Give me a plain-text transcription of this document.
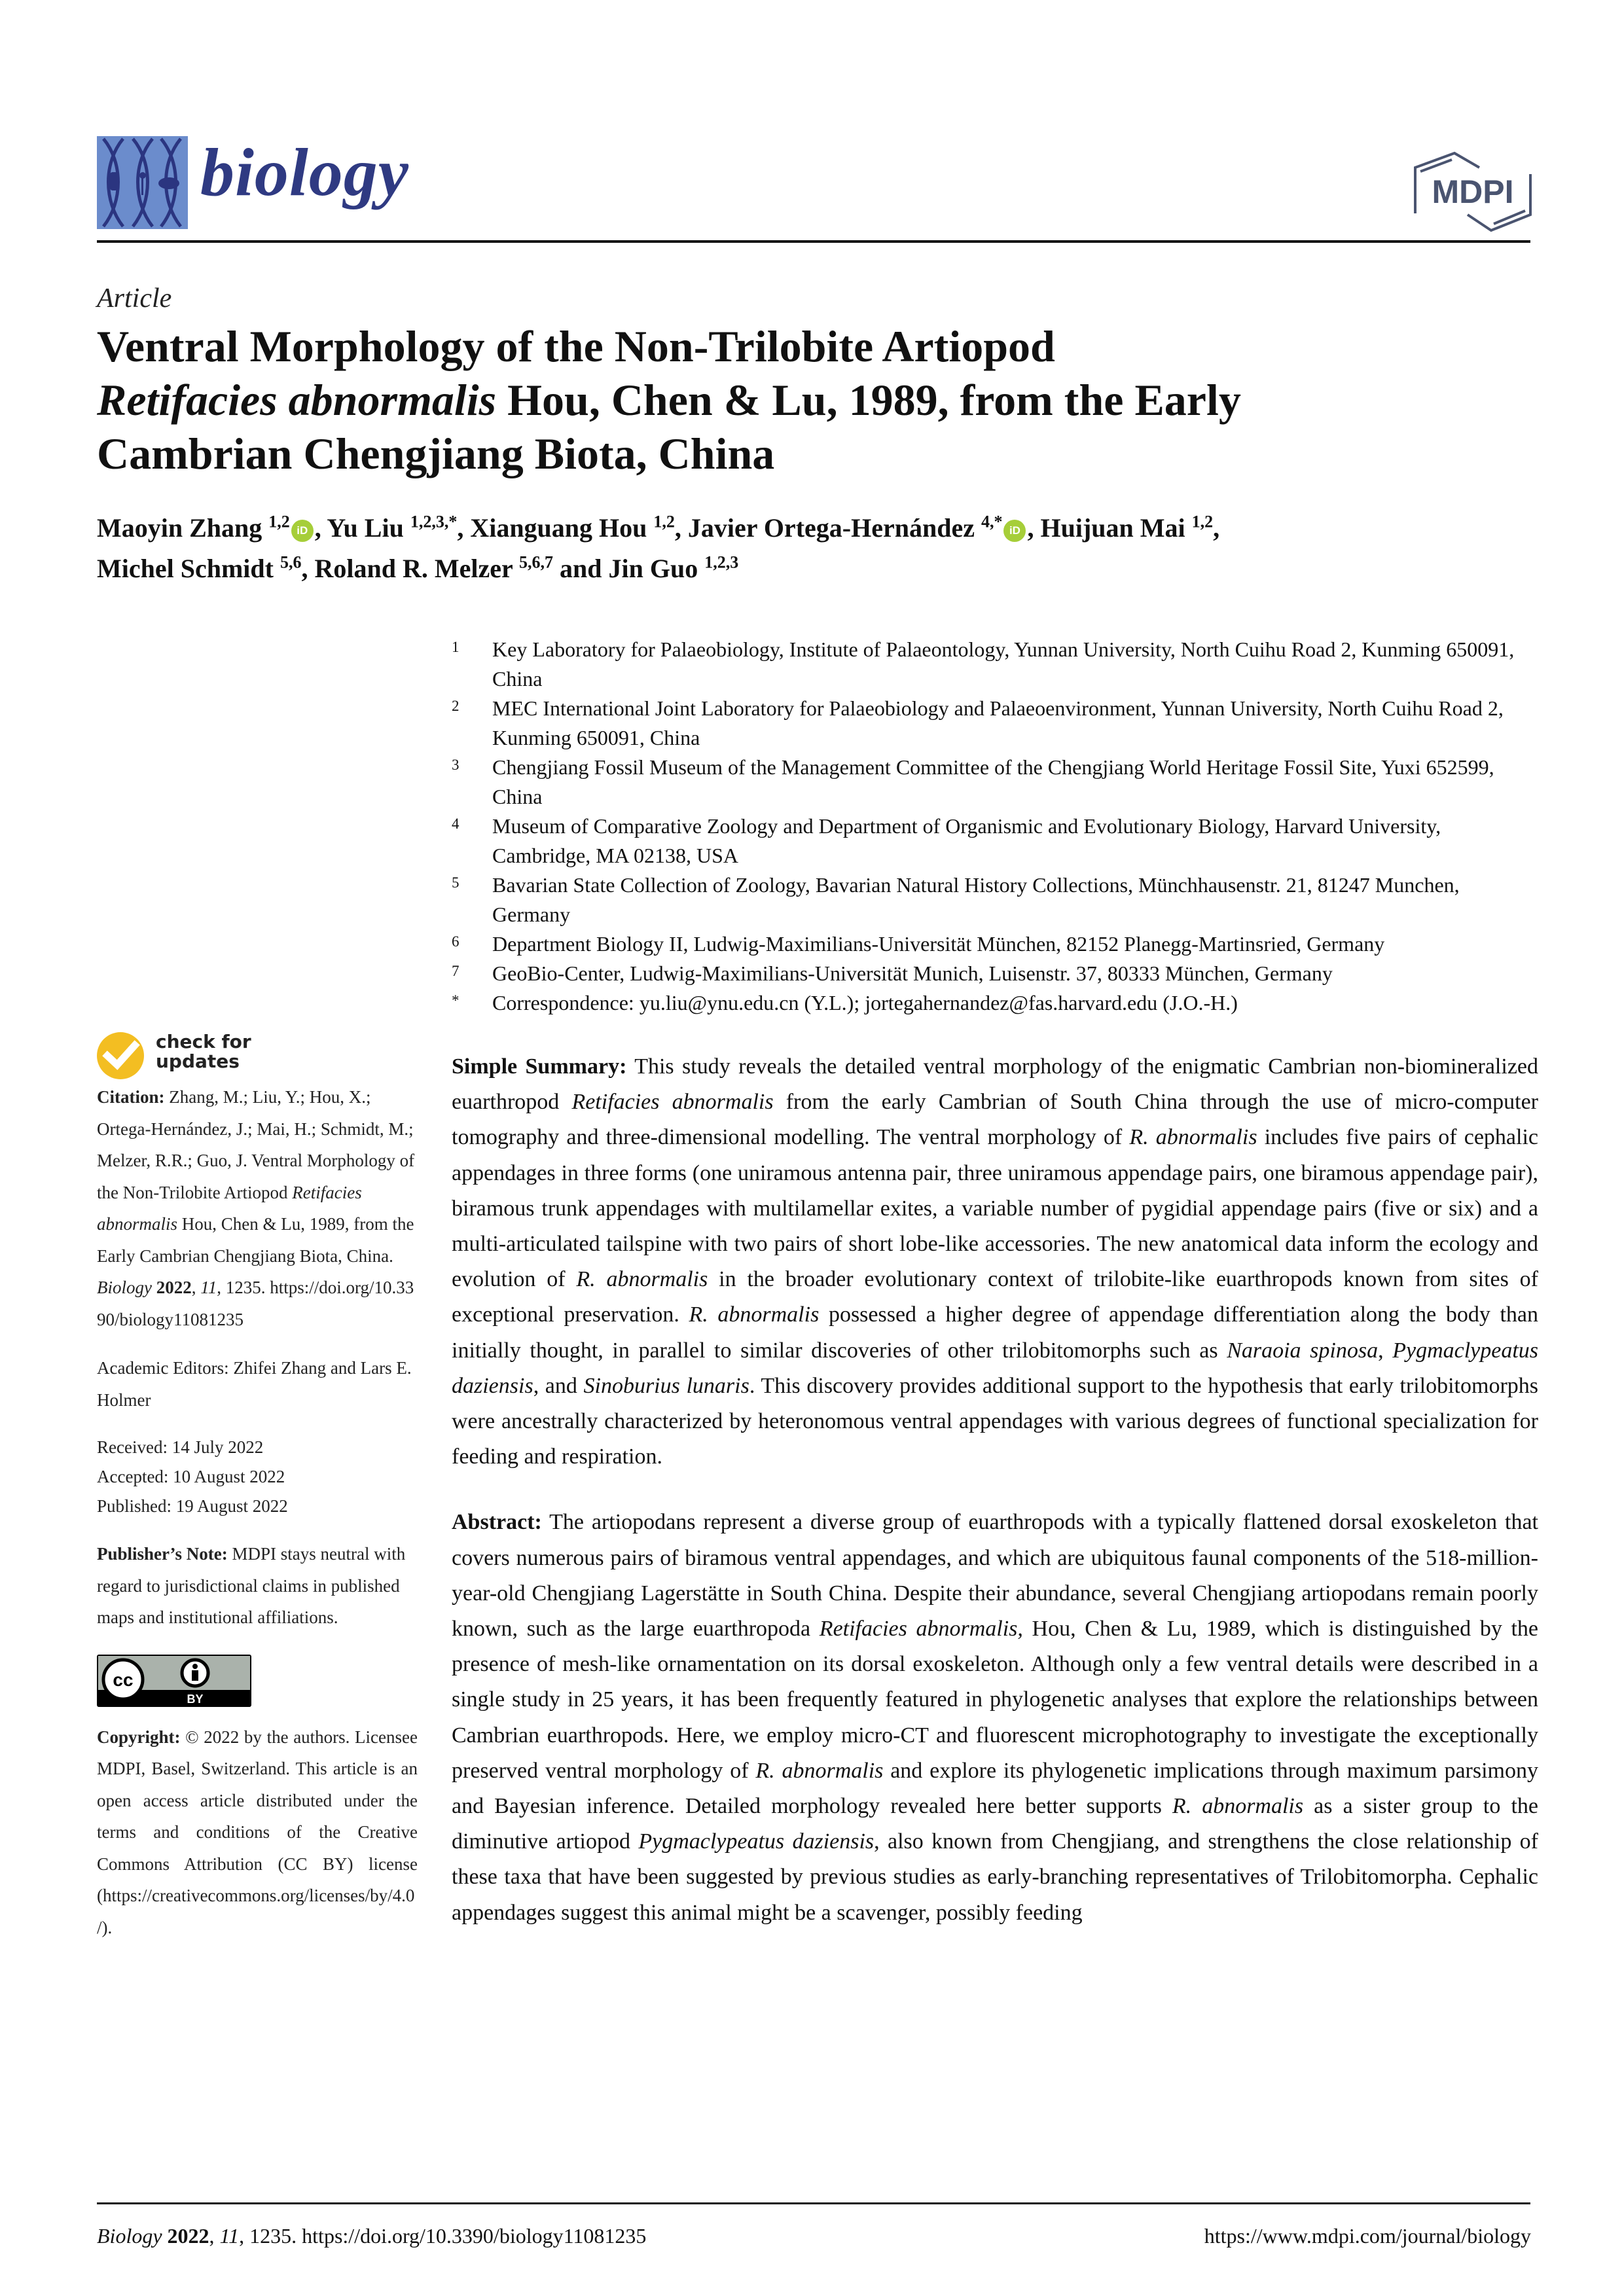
biology	MDPI
Article
Ventral Morphology of the Non-Trilobite Artiopod
Retifacies abnormalis Hou, Chen & Lu, 1989, from the Early
Cambrian Chengjiang Biota, China
Maoyin Zhang $^{1,2}$ iD , Yu Liu $^{1,2,3,*}$, Xianguang Hou $^{1,2}$, Javier Ortega-Hernández $^{4,*}$ iD , Huijuan Mai $^{1,2}$,
Michel Schmidt $^{5,6}$, Roland R. Melzer $^{5,6,7}$ and Jin Guo $^{1,2,3}$
1 Key Laboratory for Palaeobiology, Institute of Palaeontology, Yunnan University, North Cuihu Road 2, Kunming 650091, China
2 MEC International Joint Laboratory for Palaeobiology and Palaeoenvironment, Yunnan University, North Cuihu Road 2, Kunming 650091, China
3 Chengjiang Fossil Museum of the Management Committee of the Chengjiang World Heritage Fossil Site, Yuxi 652599, China
4 Museum of Comparative Zoology and Department of Organismic and Evolutionary Biology, Harvard University, Cambridge, MA 02138, USA
5 Bavarian State Collection of Zoology, Bavarian Natural History Collections, Münchhausenstr. 21, 81247 Munchen, Germany
6 Department Biology II, Ludwig-Maximilians-Universität München, 82152 Planegg-Martinsried, Germany
7 GeoBio-Center, Ludwig-Maximilians-Universität Munich, Luisenstr. 37, 80333 München, Germany
* Correspondence: yu.liu@ynu.edu.cn (Y.L.); jortegahernandez@fas.harvard.edu (J.O.-H.)
check for
updates

Citation: Zhang, M.; Liu, Y.; Hou, X.; Ortega-Hernández, J.; Mai, H.; Schmidt, M.; Melzer, R.R.; Guo, J. Ventral Morphology of the Non-Trilobite Artiopod Retifacies abnormalis Hou, Chen & Lu, 1989, from the Early Cambrian Chengjiang Biota, China. Biology 2022, 11, 1235. https://doi.org/10.3390/biology11081235

Academic Editors: Zhifei Zhang and Lars E. Holmer

Received: 14 July 2022

Accepted: 10 August 2022

Published: 19 August 2022

Publisher’s Note: MDPI stays neutral with regard to jurisdictional claims in published maps and institutional affiliations.

cc
BY

Copyright: © 2022 by the authors. Licensee MDPI, Basel, Switzerland. This article is an open access article distributed under the terms and conditions of the Creative Commons Attribution (CC BY) license (https://creativecommons.org/licenses/by/4.0/).

Simple Summary: This study reveals the detailed ventral morphology of the enigmatic Cambrian non-biomineralized euarthropod Retifacies abnormalis from the early Cambrian of South China through the use of micro-computer tomography and three-dimensional modelling. The ventral morphology of R. abnormalis includes five pairs of cephalic appendages in three forms (one uniramous antenna pair, three uniramous appendage pairs, one biramous appendage pair), biramous trunk appendages with multilamellar exites, a variable number of pygidial appendage pairs (five or six) and a multi-articulated tailspine with two pairs of short lobe-like accessories. The new anatomical data inform the ecology and evolution of R. abnormalis in the broader evolutionary context of trilobite-like euarthropods known from sites of exceptional preservation. R. abnormalis possessed a higher degree of appendage differentiation along the body than initially thought, in parallel to similar discoveries of other trilobitomorphs such as Naraoia spinosa, Pygmaclypeatus daziensis, and Sinoburius lunaris. This discovery provides additional support to the hypothesis that early trilobitomorphs were ancestrally characterized by heteronomous ventral appendages with various degrees of functional specialization for feeding and respiration.

Abstract: The artiopodans represent a diverse group of euarthropods with a typically flattened dorsal exoskeleton that covers numerous pairs of biramous ventral appendages, and which are ubiquitous faunal components of the 518-million-year-old Chengjiang Lagerstätte in South China. Despite their abundance, several Chengjiang artiopodans remain poorly known, such as the large euarthropoda Retifacies abnormalis, Hou, Chen & Lu, 1989, which is distinguished by the presence of mesh-like ornamentation on its dorsal exoskeleton. Although only a few ventral details were described in a single study in 25 years, it has been frequently featured in phylogenetic analyses that explore the relationships between Cambrian euarthropods. Here, we employ micro-CT and fluorescent microphotography to investigate the exceptionally preserved ventral morphology of R. abnormalis and explore its phylogenetic implications through maximum parsimony and Bayesian inference. Detailed morphology revealed here better supports R. abnormalis as a sister group to the diminutive artiopod Pygmaclypeatus daziensis, also known from Chengjiang, and strengthens the close relationship of these taxa that have been suggested by previous studies as early-branching representatives of Trilobitomorpha. Cephalic appendages suggest this animal might be a scavenger, possibly feeding

Biology 2022, 11, 1235. https://doi.org/10.3390/biology11081235	https://www.mdpi.com/journal/biology
